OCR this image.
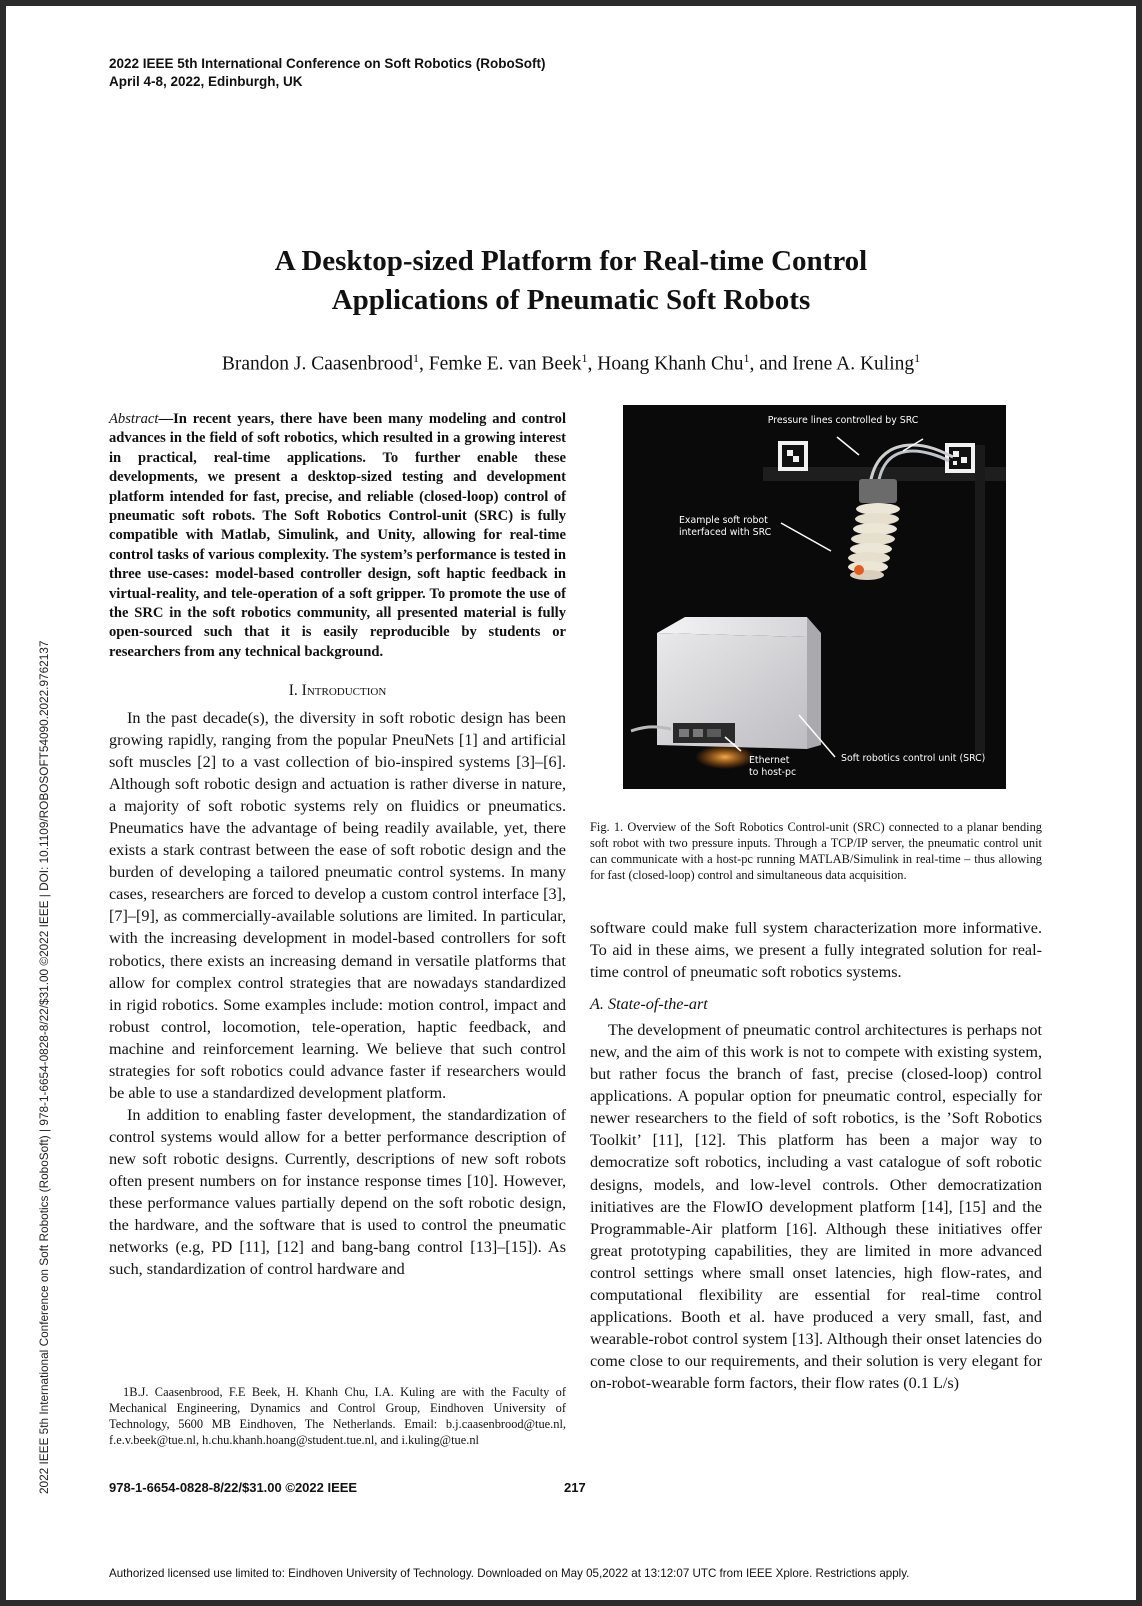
2022 IEEE 5th International Conference on Soft Robotics (RoboSoft)
April 4-8, 2022, Edinburgh, UK
A Desktop-sized Platform for Real-time Control
Applications of Pneumatic Soft Robots
Brandon J. Caasenbrood$^1$, Femke E. van Beek$^1$, Hoang Khanh Chu$^1$, and Irene A. Kuling$^1$
2022 IEEE 5th International Conference on Soft Robotics (RoboSoft) | 978-1-6654-0828-8/22/$31.00 ©2022 IEEE | DOI: 10.1109/ROBOSOFT54090.2022.9762137
Abstract—In recent years, there have been many modeling and control advances in the field of soft robotics, which resulted in a growing interest in practical, real-time applications. To further enable these developments, we present a desktop-sized testing and development platform intended for fast, precise, and reliable (closed-loop) control of pneumatic soft robots. The Soft Robotics Control-unit (SRC) is fully compatible with Matlab, Simulink, and Unity, allowing for real-time control tasks of various complexity. The system’s performance is tested in three use-cases: model-based controller design, soft haptic feedback in virtual-reality, and tele-operation of a soft gripper. To promote the use of the SRC in the soft robotics community, all presented material is fully open-sourced such that it is easily reproducible by students or researchers from any technical background.
I. Introduction

In the past decade(s), the diversity in soft robotic design has been growing rapidly, ranging from the popular PneuNets [1] and artificial soft muscles [2] to a vast collection of bio-inspired systems [3]–[6]. Although soft robotic design and actuation is rather diverse in nature, a majority of soft robotic systems rely on fluidics or pneumatics. Pneumatics have the advantage of being readily available, yet, there exists a stark contrast between the ease of soft robotic design and the burden of developing a tailored pneumatic control systems. In many cases, researchers are forced to develop a custom control interface [3], [7]–[9], as commercially-available solutions are limited. In particular, with the increasing development in model-based controllers for soft robotics, there exists an increasing demand in versatile platforms that allow for complex control strategies that are nowadays standardized in rigid robotics. Some examples include: motion control, impact and robust control, locomotion, tele-operation, haptic feedback, and machine and reinforcement learning. We believe that such control strategies for soft robotics could advance faster if researchers would be able to use a standardized development platform.

In addition to enabling faster development, the standardization of control systems would allow for a better performance description of new soft robotic designs. Currently, descriptions of new soft robots often present numbers on for instance response times [10]. However, these performance values partially depend on the soft robotic design, the hardware, and the software that is used to control the pneumatic networks (e.g, PD [11], [12] and bang-bang control [13]–[15]). As such, standardization of control hardware and

1B.J. Caasenbrood, F.E Beek, H. Khanh Chu, I.A. Kuling are with the Faculty of Mechanical Engineering, Dynamics and Control Group, Eindhoven University of Technology, 5600 MB Eindhoven, The Netherlands. Email: b.j.caasenbrood@tue.nl, f.e.v.beek@tue.nl, h.chu.khanh.hoang@student.tue.nl, and i.kuling@tue.nl

Pressure lines controlled by SRC
Example soft robot
interfaced with SRC
Ethernet
to host-pc
Soft robotics control unit (SRC)
Fig. 1. Overview of the Soft Robotics Control-unit (SRC) connected to a planar bending soft robot with two pressure inputs. Through a TCP/IP server, the pneumatic control unit can communicate with a host-pc running MATLAB/Simulink in real-time – thus allowing for fast (closed-loop) control and simultaneous data acquisition.

software could make full system characterization more informative. To aid in these aims, we present a fully integrated solution for real-time control of pneumatic soft robotics systems.

A. State-of-the-art

The development of pneumatic control architectures is perhaps not new, and the aim of this work is not to compete with existing system, but rather focus the branch of fast, precise (closed-loop) control applications. A popular option for pneumatic control, especially for newer researchers to the field of soft robotics, is the ’Soft Robotics Toolkit’ [11], [12]. This platform has been a major way to democratize soft robotics, including a vast catalogue of soft robotic designs, models, and low-level controls. Other democratization initiatives are the FlowIO development platform [14], [15] and the Programmable-Air platform [16]. Although these initiatives offer great prototyping capabilities, they are limited in more advanced control settings where small onset latencies, high flow-rates, and computational flexibility are essential for real-time control applications. Booth et al. have produced a very small, fast, and wearable-robot control system [13]. Although their onset latencies do come close to our requirements, and their solution is very elegant for on-robot-wearable form factors, their flow rates (0.1 L/s)

978-1-6654-0828-8/22/$31.00 ©2022 IEEE	217
Authorized licensed use limited to: Eindhoven University of Technology. Downloaded on May 05,2022 at 13:12:07 UTC from IEEE Xplore. Restrictions apply.
